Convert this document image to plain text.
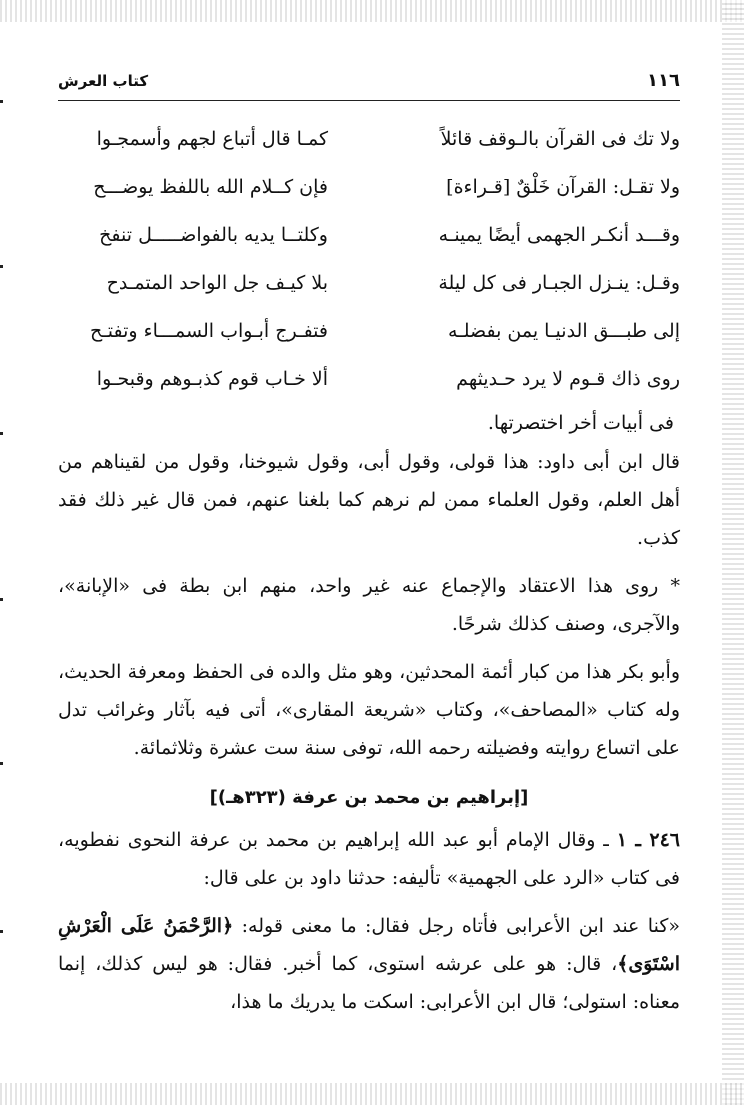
١١٦
كتاب العرش
ولا تك فى القرآن بالـوقف قائلاً
كمـا قال أتباع لجهم وأسمجـوا
ولا تقـل: القرآن خَلْقٌ [قـراءة]
فإن كــلام الله باللفظ يوضـــح
وقـــد أنكـر الجهمى أيضًا يمينـه
وكلتــا يديه بالفواضـــــل تنفخ
وقـل: ينـزل الجبـار فى كل ليلة
بلا كيـف جل الواحد المتمـدح
إلى طبـــق الدنيـا يمن بفضلـه
فتفـرج أبـواب السمـــاء وتفتـح
روى ذاك قـوم لا يرد حـديثهم
ألا خـاب قوم كذبـوهم وقبحـوا
فى أبيات أخر اختصرتها.

قال ابن أبى داود: هذا قولى، وقول أبى، وقول شيوخنا، وقول من لقيناهم من أهل العلم، وقول العلماء ممن لم نرهم كما بلغنا عنهم، فمن قال غير ذلك فقد كذب.

* روى هذا الاعتقاد والإجماع عنه غير واحد، منهم ابن بطة فى «الإبانة»، والآجرى، وصنف كذلك شرحًا.

وأبو بكر هذا من كبار أئمة المحدثين، وهو مثل والده فى الحفظ ومعرفة الحديث، وله كتاب «المصاحف»، وكتاب «شريعة المقارى»، أتى فيه بآثار وغرائب تدل على اتساع روايته وفضيلته رحمه الله، توفى سنة ست عشرة وثلاثمائة.

[إبراهيم بن محمد بن عرفة (٣٢٣هـ)]

٢٤٦ ـ ١ ـ وقال الإمام أبو عبد الله إبراهيم بن محمد بن عرفة النحوى نفطويه، فى كتاب «الرد على الجهمية» تأليفه: حدثنا داود بن على قال:

«كنا عند ابن الأعرابى فأتاه رجل فقال: ما معنى قوله: ﴿الرَّحْمَنُ عَلَى الْعَرْشِ اسْتَوَى﴾، قال: هو على عرشه استوى، كما أخبر. فقال: هو ليس كذلك، إنما معناه: استولى؛ قال ابن الأعرابى: اسكت ما يدريك ما هذا،
